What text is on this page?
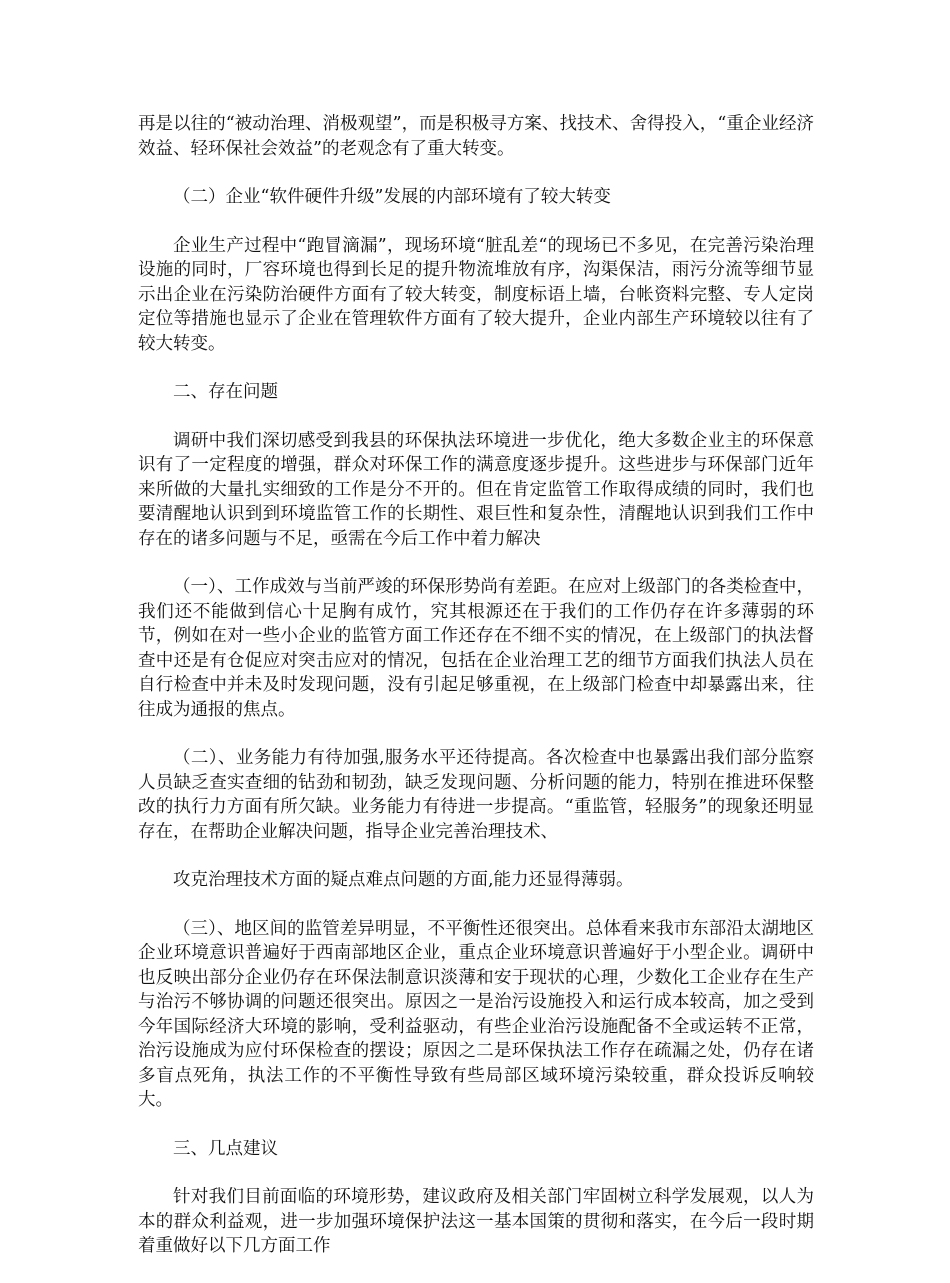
再是以往的“被动治理、消极观望”，而是积极寻方案、找技术、舍得投入，“重企业经济效益、轻环保社会效益”的老观念有了重大转变。

（二）企业“软件硬件升级”发展的内部环境有了较大转变

企业生产过程中“跑冒滴漏”，现场环境“脏乱差“的现场已不多见，在完善污染治理设施的同时，厂容环境也得到长足的提升物流堆放有序，沟渠保洁，雨污分流等细节显示出企业在污染防治硬件方面有了较大转变，制度标语上墙，台帐资料完整、专人定岗定位等措施也显示了企业在管理软件方面有了较大提升，企业内部生产环境较以往有了较大转变。

二、存在问题

调研中我们深切感受到我县的环保执法环境进一步优化，绝大多数企业主的环保意识有了一定程度的增强，群众对环保工作的满意度逐步提升。这些进步与环保部门近年来所做的大量扎实细致的工作是分不开的。但在肯定监管工作取得成绩的同时，我们也要清醒地认识到到环境监管工作的长期性、艰巨性和复杂性，清醒地认识到我们工作中存在的诸多问题与不足，亟需在今后工作中着力解决

（一）、工作成效与当前严竣的环保形势尚有差距。在应对上级部门的各类检查中，我们还不能做到信心十足胸有成竹，究其根源还在于我们的工作仍存在许多薄弱的环节，例如在对一些小企业的监管方面工作还存在不细不实的情况，在上级部门的执法督查中还是有仓促应对突击应对的情况，包括在企业治理工艺的细节方面我们执法人员在自行检查中并未及时发现问题，没有引起足够重视，在上级部门检查中却暴露出来，往往成为通报的焦点。

（二）、业务能力有待加强,服务水平还待提高。各次检查中也暴露出我们部分监察人员缺乏查实查细的钻劲和韧劲，缺乏发现问题、分析问题的能力，特别在推进环保整改的执行力方面有所欠缺。业务能力有待进一步提高。“重监管，轻服务”的现象还明显存在，在帮助企业解决问题，指导企业完善治理技术、

攻克治理技术方面的疑点难点问题的方面,能力还显得薄弱。

（三）、地区间的监管差异明显，不平衡性还很突出。总体看来我市东部沿太湖地区企业环境意识普遍好于西南部地区企业，重点企业环境意识普遍好于小型企业。调研中也反映出部分企业仍存在环保法制意识淡薄和安于现状的心理，少数化工企业存在生产与治污不够协调的问题还很突出。原因之一是治污设施投入和运行成本较高，加之受到今年国际经济大环境的影响，受利益驱动，有些企业治污设施配备不全或运转不正常，治污设施成为应付环保检查的摆设；原因之二是环保执法工作存在疏漏之处，仍存在诸多盲点死角，执法工作的不平衡性导致有些局部区域环境污染较重，群众投诉反响较大。

三、几点建议

针对我们目前面临的环境形势，建议政府及相关部门牢固树立科学发展观，以人为本的群众利益观，进一步加强环境保护法这一基本国策的贯彻和落实，在今后一段时期着重做好以下几方面工作
